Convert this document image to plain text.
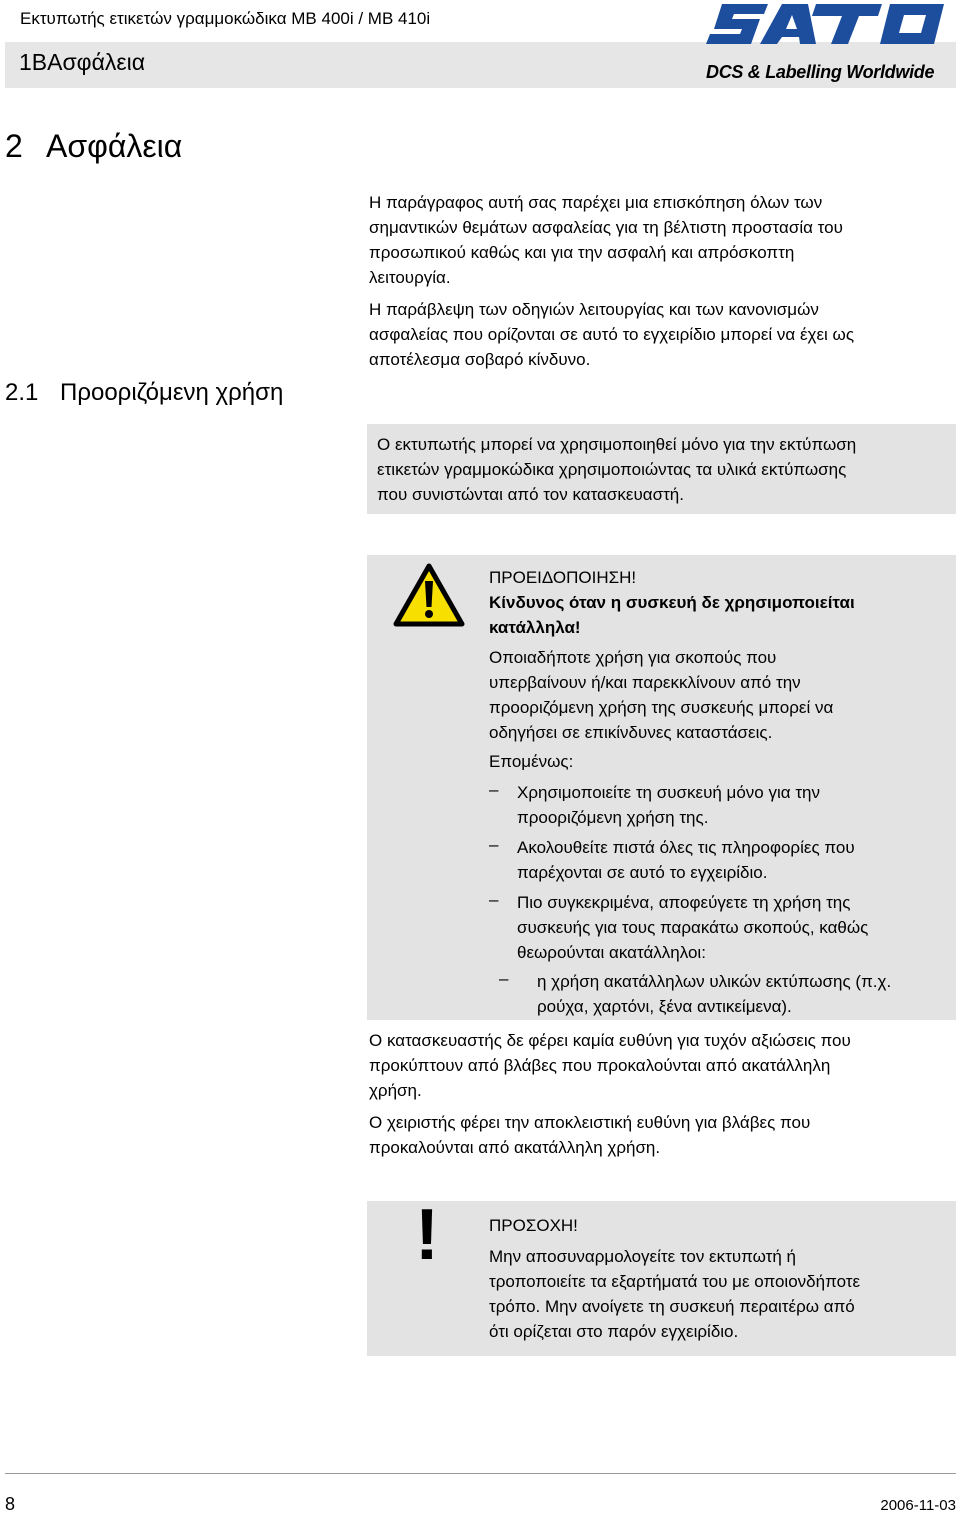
Εκτυπωτής ετικετών γραμμοκώδικα MB 400i / MB 410i
1ΒΑσφάλεια	DCS & Labelling Worldwide
2 Ασφάλεια
Η παράγραφος αυτή σας παρέχει μια επισκόπηση όλων των
σημαντικών θεμάτων ασφαλείας για τη βέλτιστη προστασία του
προσωπικού καθώς και για την ασφαλή και απρόσκοπτη
λειτουργία.
Η παράβλεψη των οδηγιών λειτουργίας και των κανονισμών
ασφαλείας που ορίζονται σε αυτό το εγχειρίδιο μπορεί να έχει ως
αποτέλεσμα σοβαρό κίνδυνο.
2.1 Προοριζόμενη χρήση

Ο εκτυπωτής μπορεί να χρησιμοποιηθεί μόνο για την εκτύπωση
ετικετών γραμμοκώδικα χρησιμοποιώντας τα υλικά εκτύπωσης
που συνιστώνται από τον κατασκευαστή.

ΠΡΟΕΙΔΟΠΟΙΗΣΗ!
Κίνδυνος όταν η συσκευή δε χρησιμοποιείται
κατάλληλα!
Οποιαδήποτε χρήση για σκοπούς που
υπερβαίνουν ή/και παρεκκλίνουν από την
προοριζόμενη χρήση της συσκευής μπορεί να
οδηγήσει σε επικίνδυνες καταστάσεις.
Επομένως:
– Χρησιμοποιείτε τη συσκευή μόνο για την
προοριζόμενη χρήση της.
– Ακολουθείτε πιστά όλες τις πληροφορίες που
παρέχονται σε αυτό το εγχειρίδιο.
– Πιο συγκεκριμένα, αποφεύγετε τη χρήση της
συσκευής για τους παρακάτω σκοπούς, καθώς
θεωρούνται ακατάλληλοι:
– η χρήση ακατάλληλων υλικών εκτύπωσης (π.χ.
ρούχα, χαρτόνι, ξένα αντικείμενα).
Ο κατασκευαστής δε φέρει καμία ευθύνη για τυχόν αξιώσεις που
προκύπτουν από βλάβες που προκαλούνται από ακατάλληλη
χρήση.
Ο χειριστής φέρει την αποκλειστική ευθύνη για βλάβες που
προκαλούνται από ακατάλληλη χρήση.
!	ΠΡΟΣΟΧΗ!
Μην αποσυναρμολογείτε τον εκτυπωτή ή
τροποποιείτε τα εξαρτήματά του με οποιονδήποτε
τρόπο. Μην ανοίγετε τη συσκευή περαιτέρω από
ότι ορίζεται στο παρόν εγχειρίδιο.
8	2006-11-03
